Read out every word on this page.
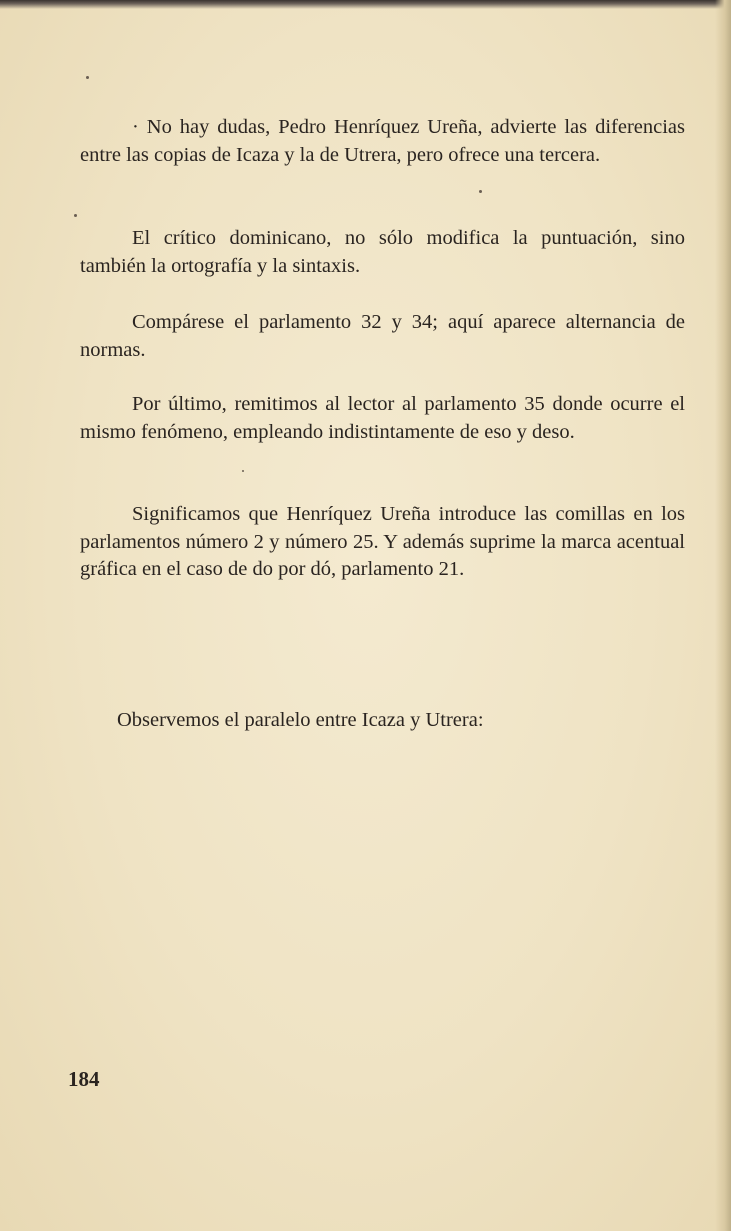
· No hay dudas, Pedro Henríquez Ureña, advierte las diferencias entre las copias de Icaza y la de Utrera, pero ofrece una tercera.

El crítico dominicano, no sólo modifica la puntuación, sino también la ortografía y la sintaxis.

Compárese el parlamento 32 y 34; aquí aparece alternancia de normas.

Por último, remitimos al lector al parlamento 35 donde ocurre el mismo fenómeno, empleando indistintamente de eso y deso.

Significamos que Henríquez Ureña introduce las comillas en los parlamentos número 2 y número 25. Y además suprime la marca acentual gráfica en el caso de do por dó, parlamento 21.

Observemos el paralelo entre Icaza y Utrera:

184
